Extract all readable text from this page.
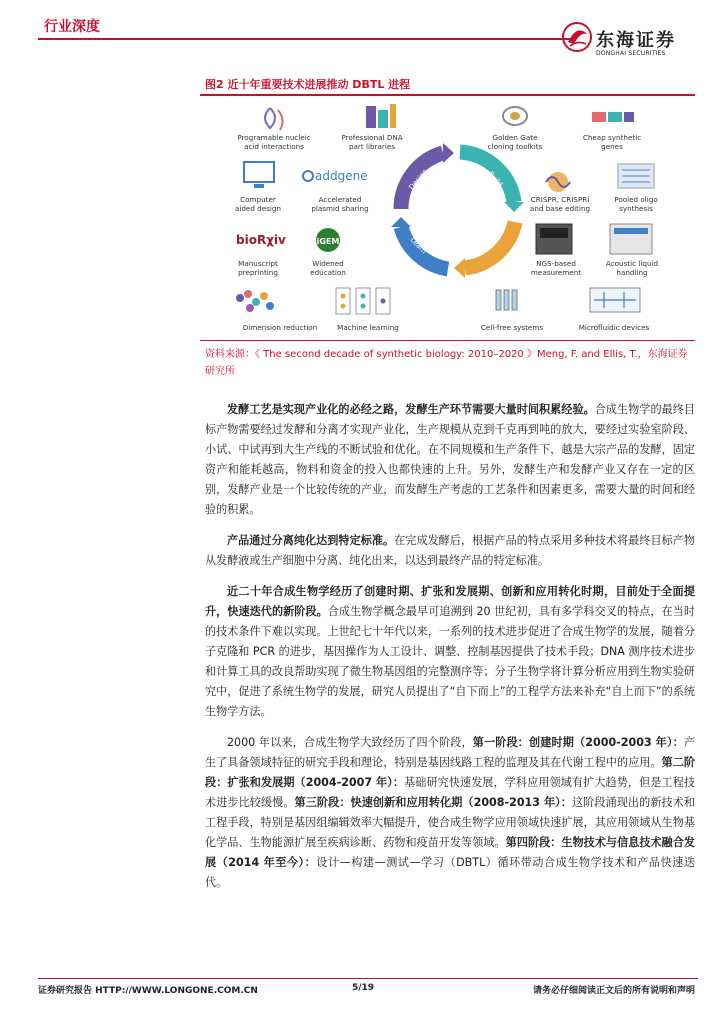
行业深度
东海证券
DONGHAI SECURITIES
图2 近十年重要技术进展推动 DBTL 进程
Design	Build
Test
Learn
Programable nucleic
acid interactions
Professional DNA
part libraries
Computer
aided design
addgene
Accelerated
plasmid sharing
bioRχiv
Manuscript
preprinting
iGEM
Widened
education
Dimension reduction	Machine learning
Golden Gate
cloning toolkits
Cheap synthetic
genes
CRISPR, CRISPRi
and base editing
Pooled oligo
synthesis
NGS-based
measurement
Acoustic liquid
handling
Cell-free systems	Microfluidic devices
资料来源：《 The second decade of synthetic biology: 2010–2020 》Meng, F. and Ellis, T.，东海证券研究所

发酵工艺是实现产业化的必经之路，发酵生产环节需要大量时间积累经验。合成生物学的最终目标产物需要经过发酵和分离才实现产业化，生产规模从克到千克再到吨的放大，要经过实验室阶段、小试、中试再到大生产线的不断试验和优化。在不同规模和生产条件下，越是大宗产品的发酵，固定资产和能耗越高，物料和资金的投入也都快速的上升。另外，发酵生产和发酵产业又存在一定的区别，发酵产业是一个比较传统的产业，而发酵生产考虑的工艺条件和因素更多，需要大量的时间和经验的积累。

产品通过分离纯化达到特定标准。在完成发酵后，根据产品的特点采用多种技术将最终目标产物从发酵液或生产细胞中分离、纯化出来，以达到最终产品的特定标准。

近二十年合成生物学经历了创建时期、扩张和发展期、创新和应用转化时期，目前处于全面提升，快速迭代的新阶段。合成生物学概念最早可追溯到 20 世纪初，具有多学科交叉的特点，在当时的技术条件下难以实现。上世纪七十年代以来，一系列的技术进步促进了合成生物学的发展，随着分子克隆和 PCR 的进步，基因操作为人工设计、调整、控制基因提供了技术手段；DNA 测序技术进步和计算工具的改良帮助实现了微生物基因组的完整测序等；分子生物学将计算分析应用到生物实验研究中，促进了系统生物学的发展，研究人员提出了“自下而上”的工程学方法来补充“自上而下”的系统生物学方法。

2000 年以来，合成生物学大致经历了四个阶段，第一阶段：创建时期（2000-2003 年）：产生了具备领域特征的研究手段和理论，特别是基因线路工程的监理及其在代谢工程中的应用。第二阶段：扩张和发展期（2004-2007 年）：基础研究快速发展，学科应用领域有扩大趋势，但是工程技术进步比较缓慢。第三阶段：快速创新和应用转化期（2008-2013 年）：这阶段涌现出的新技术和工程手段，特别是基因组编辑效率大幅提升，使合成生物学应用领域快速扩展，其应用领域从生物基化学品、生物能源扩展至疾病诊断、药物和疫苗开发等领域。第四阶段：生物技术与信息技术融合发展（2014 年至今）：设计—构建—测试—学习（DBTL）循环带动合成生物学技术和产品快速迭代。

证券研究报告 HTTP://WWW.LONGONE.COM.CN	5/19	请务必仔细阅读正文后的所有说明和声明
